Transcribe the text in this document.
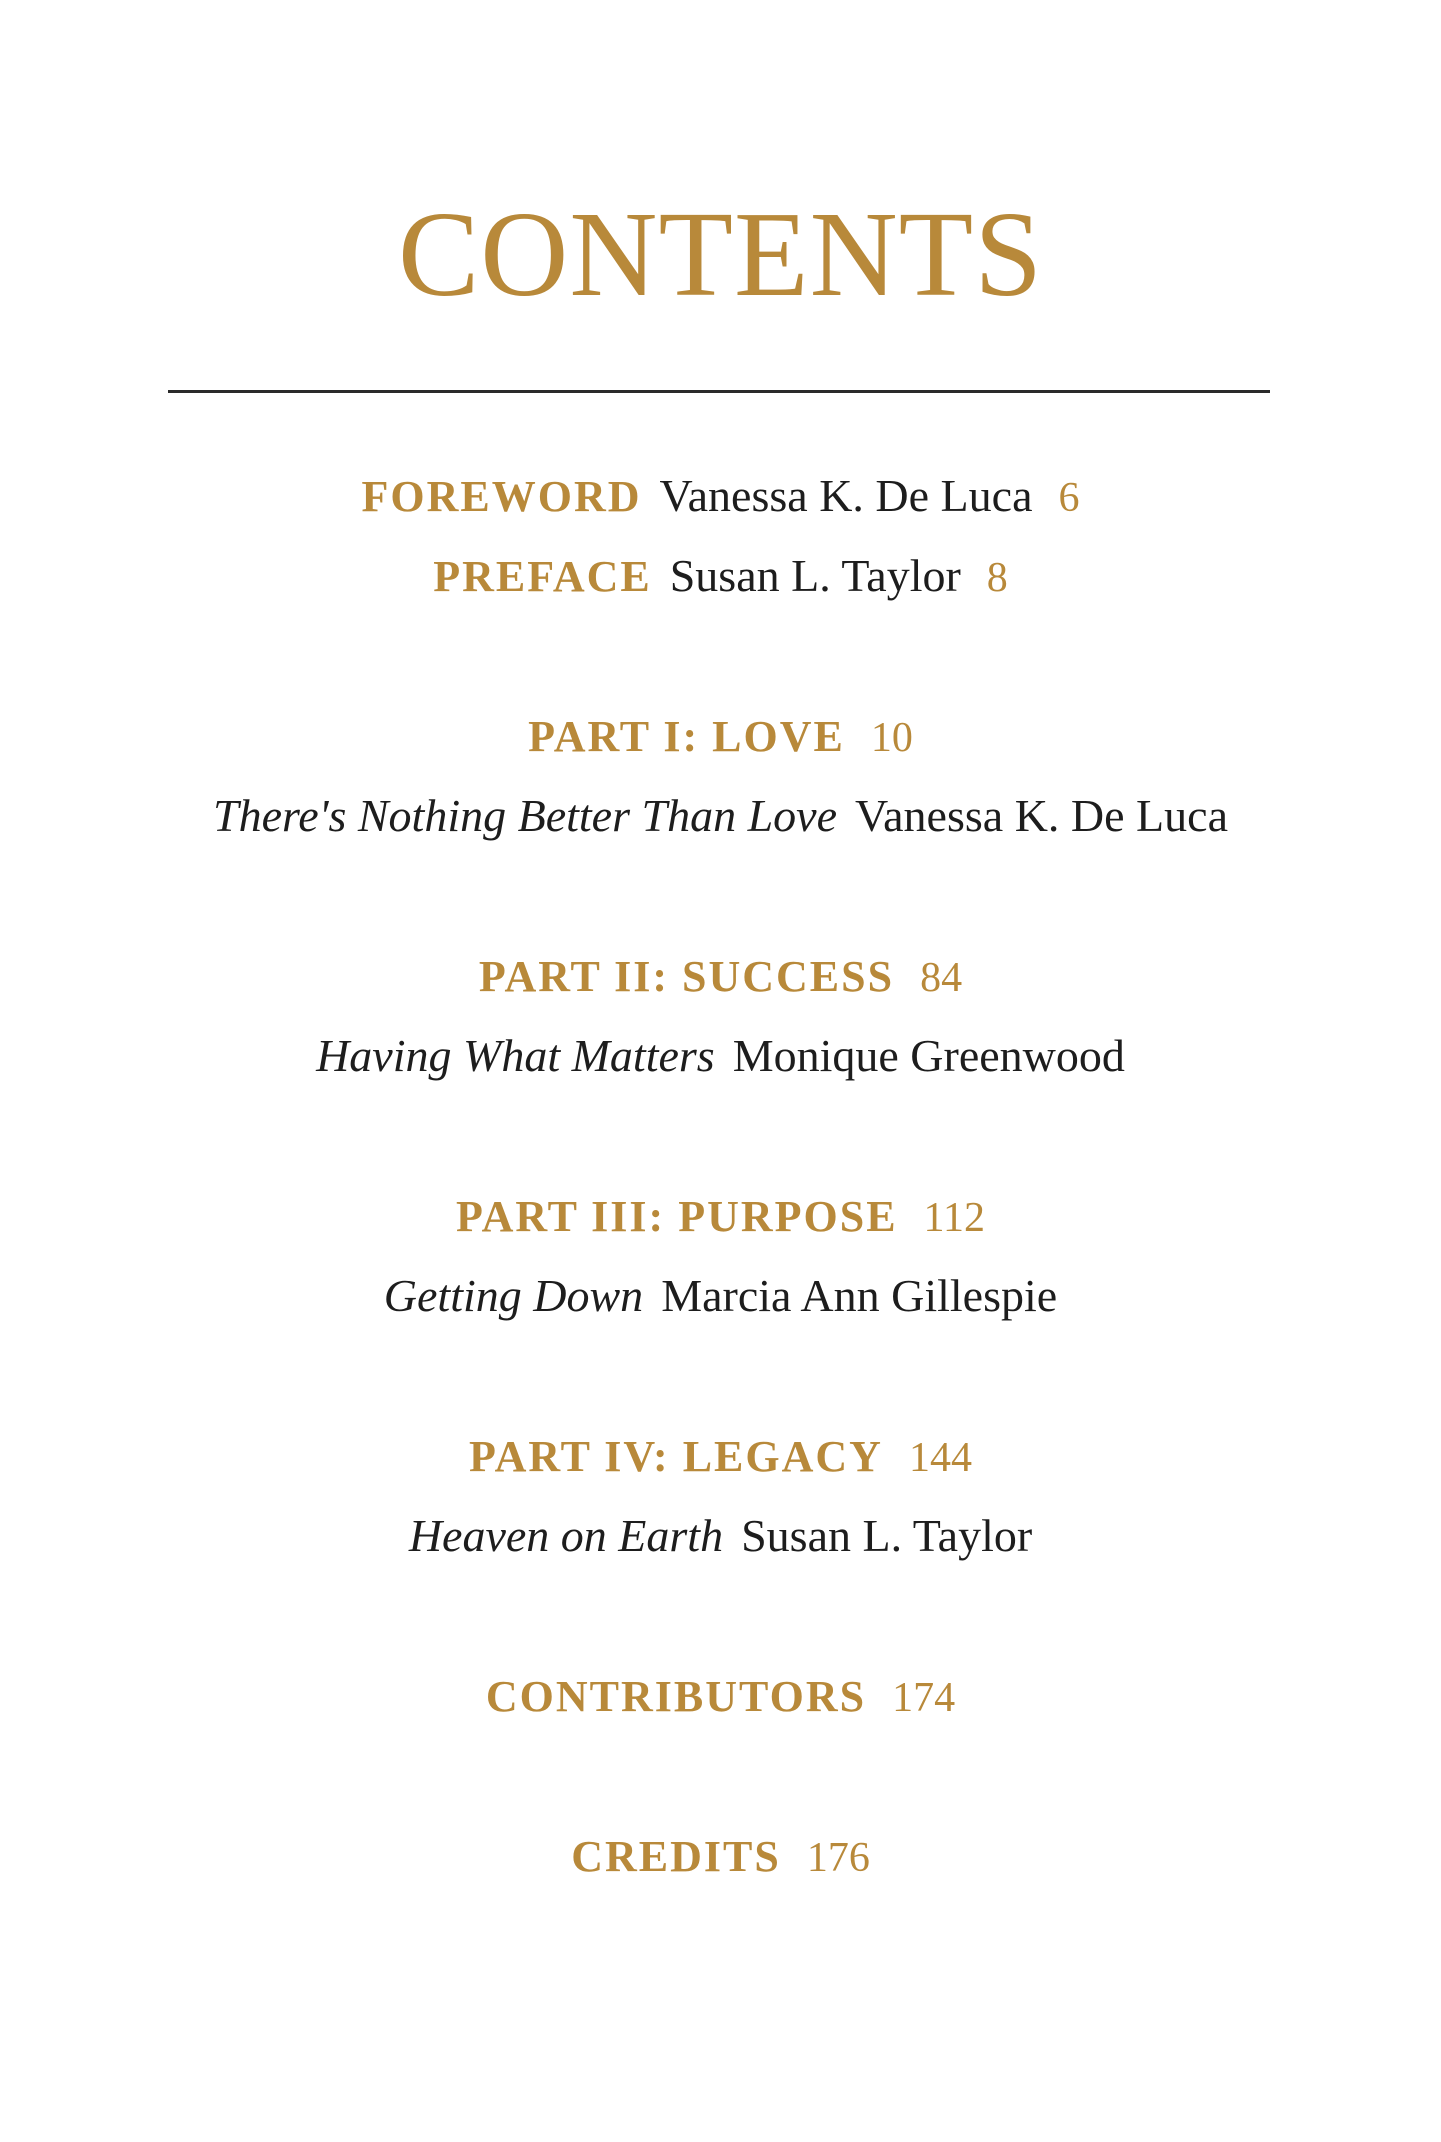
CONTENTS
FOREWORD Vanessa K. De Luca 6
PREFACE Susan L. Taylor 8
PART I: LOVE 10
There's Nothing Better Than Love Vanessa K. De Luca
PART II: SUCCESS 84
Having What Matters Monique Greenwood
PART III: PURPOSE 112
Getting Down Marcia Ann Gillespie
PART IV: LEGACY 144
Heaven on Earth Susan L. Taylor
CONTRIBUTORS 174
CREDITS 176
